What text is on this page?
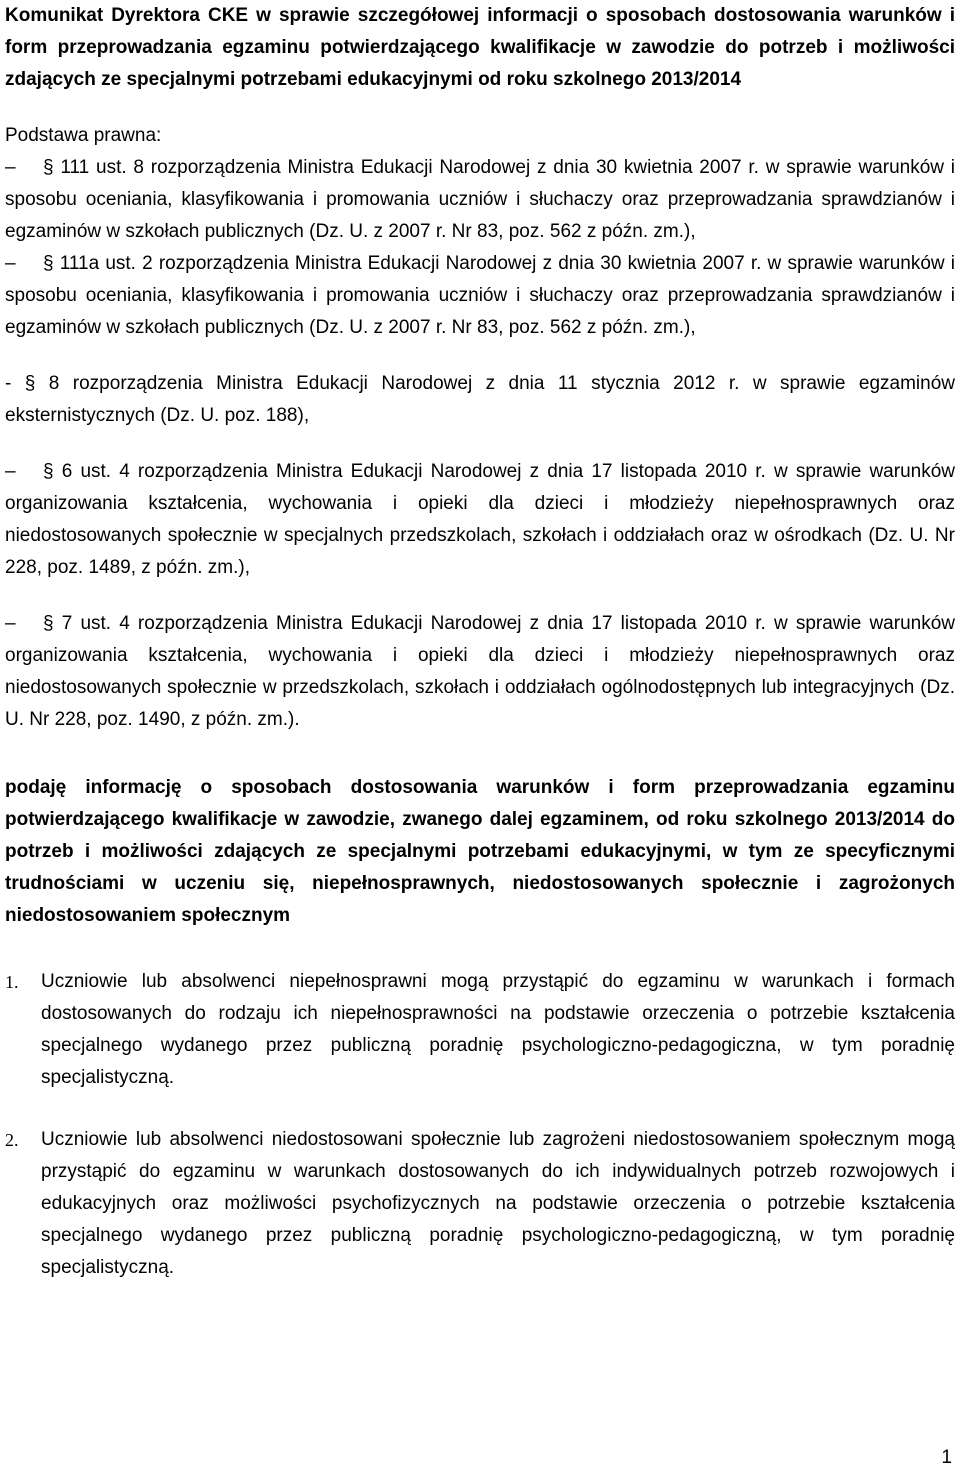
Komunikat Dyrektora CKE w sprawie szczegółowej informacji o sposobach dostosowania warunków i form przeprowadzania egzaminu potwierdzającego kwalifikacje w zawodzie do potrzeb i możliwości zdających ze specjalnymi potrzebami edukacyjnymi od roku szkolnego 2013/2014

Podstawa prawna:

– § 111 ust. 8 rozporządzenia Ministra Edukacji Narodowej z dnia 30 kwietnia 2007 r. w sprawie warunków i sposobu oceniania, klasyfikowania i promowania uczniów i słuchaczy oraz przeprowadzania sprawdzianów i egzaminów w szkołach publicznych (Dz. U. z 2007 r. Nr 83, poz. 562 z późn. zm.),
– § 111a ust. 2 rozporządzenia Ministra Edukacji Narodowej z dnia 30 kwietnia 2007 r. w sprawie warunków i sposobu oceniania, klasyfikowania i promowania uczniów i słuchaczy oraz przeprowadzania sprawdzianów i egzaminów w szkołach publicznych (Dz. U. z 2007 r. Nr 83, poz. 562 z późn. zm.),
- § 8 rozporządzenia Ministra Edukacji Narodowej z dnia 11 stycznia 2012 r. w sprawie egzaminów eksternistycznych (Dz. U. poz. 188),
– § 6 ust. 4 rozporządzenia Ministra Edukacji Narodowej z dnia 17 listopada 2010 r. w sprawie warunków organizowania kształcenia, wychowania i opieki dla dzieci i młodzieży niepełnosprawnych oraz niedostosowanych społecznie w specjalnych przedszkolach, szkołach i oddziałach oraz w ośrodkach (Dz. U. Nr 228, poz. 1489, z późn. zm.),
– § 7 ust. 4 rozporządzenia Ministra Edukacji Narodowej z dnia 17 listopada 2010 r. w sprawie warunków organizowania kształcenia, wychowania i opieki dla dzieci i młodzieży niepełnosprawnych oraz niedostosowanych społecznie w przedszkolach, szkołach i oddziałach ogólnodostępnych lub integracyjnych (Dz. U. Nr 228, poz. 1490, z późn. zm.).

podaję informację o sposobach dostosowania warunków i form przeprowadzania egzaminu potwierdzającego kwalifikacje w zawodzie, zwanego dalej egzaminem, od roku szkolnego 2013/2014 do potrzeb i możliwości zdających ze specjalnymi potrzebami edukacyjnymi, w tym ze specyficznymi trudnościami w uczeniu się, niepełnosprawnych, niedostosowanych społecznie i zagrożonych niedostosowaniem społecznym

1. Uczniowie lub absolwenci niepełnosprawni mogą przystąpić do egzaminu w warunkach i formach dostosowanych do rodzaju ich niepełnosprawności na podstawie orzeczenia o potrzebie kształcenia specjalnego wydanego przez publiczną poradnię psychologiczno-pedagogiczna, w tym poradnię specjalistyczną.
2. Uczniowie lub absolwenci niedostosowani społecznie lub zagrożeni niedostosowaniem społecznym mogą przystąpić do egzaminu w warunkach dostosowanych do ich indywidualnych potrzeb rozwojowych i edukacyjnych oraz możliwości psychofizycznych na podstawie orzeczenia o potrzebie kształcenia specjalnego wydanego przez publiczną poradnię psychologiczno-pedagogiczną, w tym poradnię specjalistyczną.
1
